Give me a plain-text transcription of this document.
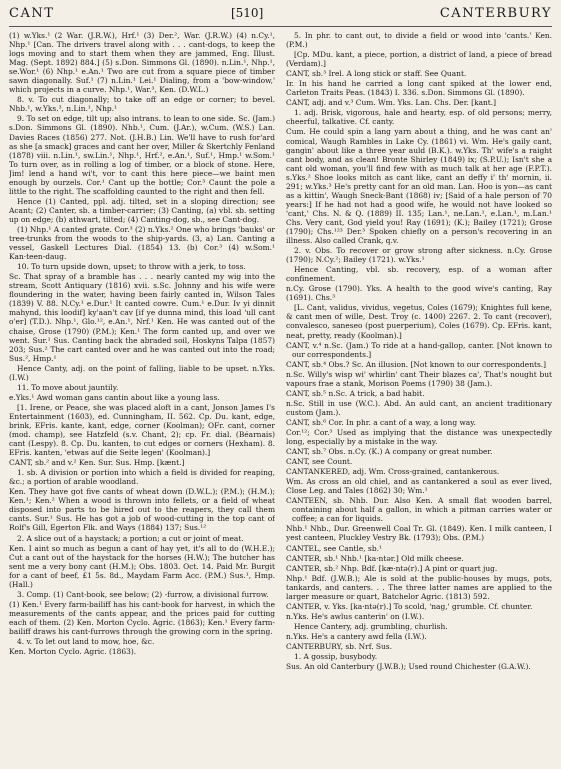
CANT	[510]	CANTERBURY

(1) w.Yks.¹ (2 War. (J.R.W.), Hrf.¹ (3) Der.², War. (J.R.W.) (4) n.Cy.¹, Nhp.¹ [Can. The drivers travel along with . . . cant-dogs, to keep the logs moving and to start them when they are jammed, Eng. Illust. Mag. (Sept. 1892) 884.] (5) s.Don. Simmons Gl. (1890). n.Lin.¹, Nhp.¹, se.Wor.¹ (6) Nhp.¹ e.An.¹ Two are cut from a square piece of timber sawn diagonally. Suf.¹ (7) n.Lin.¹ Lei.¹ Dialing, from a 'bow-window,' which projects in a curve. Nhp.¹, War.³, Ken. (D.W.L.)

8. v. To cut diagonally; to take off an edge or corner; to bevel. Nhb.¹, w.Yks.³, n.Lin.¹, Nhp.¹

9. To set on edge, tilt up; also intrans. to lean to one side. Sc. (Jam.) s.Don. Simmons Gl. (1890). Nhb.¹, Cum. (J.Ar.), w.Cum. (W.S.) Lan. Davies Races (1856) 277. Not. (J.H.B.) Lin. We'll have to rush for'ard as she [a smack] graces and cant her over, Miller & Skertchly Fenland (1878) viii. n.Lin.¹, sw.Lin.¹, Nhp.¹, Hrf.², e.An.¹, Suf.¹, Hmp.¹ w.Som.¹ To turn over, as in rolling a log of timber, or a block of stone. Here, Jim! lend a hand wi't, vor to cant this here piece—we baint men enough by ourzels. Cor.¹ Cant up the bottle; Cor.³ Caunt the pole a little to the right. The scaffolding caunted to the right and then fell.

Hence (1) Canted, ppl. adj. tilted, set in a sloping direction; see Acant; (2) Canter, sb. a timber-carrier; (3) Canting, (a) vbl. sb. setting up on edge; (b) athwart, tilted; (4) Canting-dog, sb., see Cant-dog.

(1) Nhp.¹ A canted grate. Cor.³ (2) n.Yks.² One who brings 'bauks' or tree-trunks from the woods to the ship-yards. (3, a) Lan. Canting a vessel, Gaskell Lectures Dial. (1854) 13. (b) Cor.³ (4) w.Som.¹ Kan·teen-daug.

10. To turn upside down, upset; to throw with a jerk, to toss.

Sc. That spray of a bramble has . . . nearly canted my wig into the stream, Scott Antiquary (1816) xvii. s.Sc. Johnny and his wife were floundering in the water, having been fairly canted in, Wilson Tales (1839) V. 88. N.Cy.¹ e.Dur.¹ It canted cowre. Cum.¹ e.Dur. Iv yi dinnit mahynd, this loodif] ky'aan't cav [if ye dunna mind, this load 'ull cant o'er] (T.D.). Nhp.¹, Glo.¹², e.An.¹, Nrf.¹ Ken. He was canted out of the chaise, Grose (1790) (P.M.); Ken.¹ The form canted up, and over we went. Sur.¹ Sus. Canting back the abraded soil, Hoskyns Talpa (1857) 203; Sus.² The cart canted over and he was canted out into the road; Sus.², Hmp.¹

Hence Canty, adj. on the point of falling, liable to be upset. n.Yks. (I.W.)

11. To move about jauntily.

e.Yks.¹ Awd woman gans cantin about like a young lass.

[1. Irene, or Peace, she was placed aloft in a cant, Jonson James I's Entertainment (1603), ed. Cunningham, II. 562. Cp. Du. kant, edge, brink, EFris. kante, kant, edge, corner (Koolman); OFr. cant, corner (mod. champ), see Hatzfeld (s.v. Chant, 2); cp. Fr. dial. (Béarnais) cant (Lespy). 8. Cp. Du. kanten, to cut edges or corners (Hexham). 8. EFris. kanten, 'etwas auf die Seite legen' (Koolman).]

CANT, sb.² and v.² Ken. Sur. Sus. Hmp. [kænt.]

1. sb. A division or portion into which a field is divided for reaping, &c.; a portion of arable woodland.

Ken. They have got five cants of wheat down (D.W.L.); (P.M.); (H.M.); Ken.¹; Ken.² When a wood is thrown into fellets, or a field of wheat disposed into parts to be hired out to the reapers, they call them cants. Sur.¹ Sus. He has got a job of wood-cutting in the top cant of Rolf's Gill, Egerton Flk. and Ways (1884) 137; Sus.¹²

2. A slice out of a haystack; a portion; a cut or joint of meat.

Ken. I aint so much as begun a cant of hay yet, it's all to do (W.H.E.); Cut a cant out of the haystack for the horses (H.W.); The butcher has sent me a very bony cant (H.M.); Obs. 1803. Oct. 14. Paid Mr. Burgit for a cant of beef, £1 5s. 8d., Maydam Farm Acc. (P.M.) Sus.¹, Hmp. (Hall.)

3. Comp. (1) Cant-book, see below; (2) -furrow, a divisional furrow.

(1) Ken.¹ Every farm-bailiff has his cant-book for harvest, in which the measurements of the cants appear, and the prices paid for cutting each of them. (2) Ken. Morton Cyclo. Agric. (1863); Ken.¹ Every farm-bailiff draws his cant-furrows through the growing corn in the spring.

4. v. To let out land to mow, hoe, &c.

Ken. Morton Cyclo. Agric. (1863).

5. In phr. to cant out, to divide a field or wood into 'cants.' Ken. (P.M.)

[Cp. MDu. kant, a piece, portion, a district of land, a piece of bread (Verdam).]

CANT, sb.³ Irel. A long stick or staff. See Quant.

Ir. In his hand he carried a long cant spiked at the lower end, Carleton Traits Peas. (1843) I. 336. s.Don. Simmons Gl. (1890).

CANT, adj. and v.³ Cum. Wm. Yks. Lan. Chs. Der. [kant.]

1. adj. Brisk, vigorous, hale and hearty, esp. of old persons; merry, cheerful, talkative. Cf. canty.

Cum. He could spin a lang yarn about a thing, and he was cant an' comical, Waugh Rambles in Lake Cy. (1861) vi. Wm. He's gaily cant, gangin' about like a three year auld (B.K.). w.Yks. Th' wife's a raight cant body, and as clean! Bronte Shirley (1849) ix; (S.P.U.); Isn't she a cant old woman, you'll find few with as much talk at her age (F.P.T.). s.Yks.² Shoe looks mitch as cant like, cant an deffy i' th' mornin, ii. 291; w.Yks.³ He's pretty cant for an old man. Lan. Hoo is yon—as cant as a kittin', Waugh Sneck-Bant (1868) iv; [Said of a hale person of 70 years:] If he had not had a good wife, he would not have looked so 'cant,' Chs. N. & Q. (1889) II. 135; Lan.¹, ne.Lan.¹, e.Lan.¹, m.Lan.¹ Chs. Very cant, God yield you! Ray (1691); (K.); Bailey (1721); Grose (1790); Chs.¹²³ Der.³ Spoken chiefly on a person's recovering in an illness. Also called Crank, q.v.

2. v. Obs. To recover or grow strong after sickness. n.Cy. Grose (1790); N.Cy.²; Bailey (1721). w.Yks.¹

Hence Canting, vbl. sb. recovery, esp. of a woman after confinement.

n.Cy. Grose (1790). Yks. A health to the good wive's canting, Ray (1691). Chs.³

[L. Cant, validus, vividus, vegetus, Coles (1679); Knightes full kene, & cant men of wille, Dest. Troy (c. 1400) 2267. 2. To cant (recover), convalesco, saneseo (post puerperium), Coles (1679). Cp. EFris. kant, neat, pretty, ready (Koolman).]

CANT, v.⁴ n.Sc. (Jam.) To ride at a hand-gallop, canter. [Not known to our correspondents.]

CANT, sb.⁴ Obs.? Sc. An illusion. [Not known to our correspondents.]

n.Sc. Willy's wisp wi' whirlin' cant Their blazes ca', That's nought but vapours frae a stank, Morison Poems (1790) 38 (Jam.).

CANT, sb.⁵ n.Sc. A trick, a bad habit.

n.Sc. Still in use (W.C.). Abd. An auld cant, an ancient traditionary custom (Jam.).

CANT, sb.⁶ Cor. In phr. a cant of a way, a long way.

Cor.¹²; Cor.³ Used as implying that the distance was unexpectedly long, especially by a mistake in the way.

CANT, sb.⁷ Obs. n.Cy. (K.) A company or great number.

CANT, see Count.

CANTANKERED, adj. Wm. Cross-grained, cantankerous.

Wm. As cross an old chiel, and as cantankered a soul as ever lived, Close Leg. and Tales (1862) 30; Wm.¹

CANTEEN, sb. Nhb. Dur. Also Ken. A small flat wooden barrel, containing about half a gallon, in which a pitman carries water or coffee; a can for liquids.

Nhb.¹ Nhb., Dur. Greenwell Coal Tr. Gl. (1849). Ken. I milk canteen, I yest canteen, Pluckley Vestry Bk. (1793); Obs. (P.M.)

CANTEL, see Cantle, sb.¹

CANTER, sb.¹ Nhb.¹ [ka·ntər.] Old milk cheese.

CANTER, sb.² Nhp. Bdf. [kæ·ntə(r).] A pint or quart jug.

Nhp.¹ Bdf. (J.W.B.); Ale is sold at the public-houses by mugs, pots, tankards, and canters. . . The three latter names are applied to the larger measure or quart, Batchelor Agric. (1813) 592.

CANTER, v. Yks. [ka·ntə(r).] To scold, 'nag,' grumble. Cf. chunter.

n.Yks. He's awlus canterin' on (I.W.).

Hence Cantery, adj. grumbling, churlish.

n.Yks. He's a cantery awd fella (I.W.).

CANTERBURY, sb. Nrf. Sus.

1. A gossip, busybody.

Sus. An old Canterbury (J.W.B.); Used round Chichester (G.A.W.).
